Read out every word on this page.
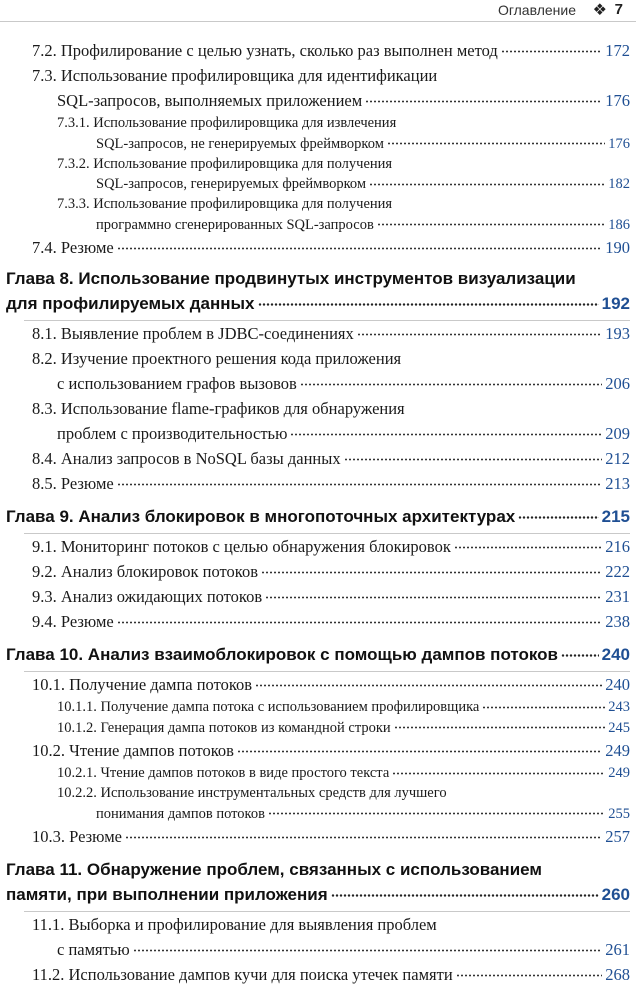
Оглавление ❖ 7
7.2. Профилирование с целью узнать, сколько раз выполнен метод	172
7.3. Использование профилировщика для идентификации
SQL-запросов, выполняемых приложением	176
7.3.1. Использование профилировщика для извлечения
SQL-запросов, не генерируемых фреймворком	176
7.3.2. Использование профилировщика для получения
SQL-запросов, генерируемых фреймворком	182
7.3.3. Использование профилировщика для получения
программно сгенерированных SQL-запросов	186
7.4. Резюме	190
Глава 8. Использование продвинутых инструментов визуализации
для профилируемых данных	192
8.1. Выявление проблем в JDBC-соединениях	193
8.2. Изучение проектного решения кода приложения
с использованием графов вызовов	206
8.3. Использование flame-графиков для обнаружения
проблем с производительностью	209
8.4. Анализ запросов в NoSQL базы данных	212
8.5. Резюме	213
Глава 9. Анализ блокировок в многопоточных архитектурах	215
9.1. Мониторинг потоков с целью обнаружения блокировок	216
9.2. Анализ блокировок потоков	222
9.3. Анализ ожидающих потоков	231
9.4. Резюме	238
Глава 10. Анализ взаимоблокировок с помощью дампов потоков	240
10.1. Получение дампа потоков	240
10.1.1. Получение дампа потока с использованием профилировщика	243
10.1.2. Генерация дампа потоков из командной строки	245
10.2. Чтение дампов потоков	249
10.2.1. Чтение дампов потоков в виде простого текста	249
10.2.2. Использование инструментальных средств для лучшего
понимания дампов потоков	255
10.3. Резюме	257
Глава 11. Обнаружение проблем, связанных с использованием
памяти, при выполнении приложения	260
11.1. Выборка и профилирование для выявления проблем
с памятью	261
11.2. Использование дампов кучи для поиска утечек памяти	268
